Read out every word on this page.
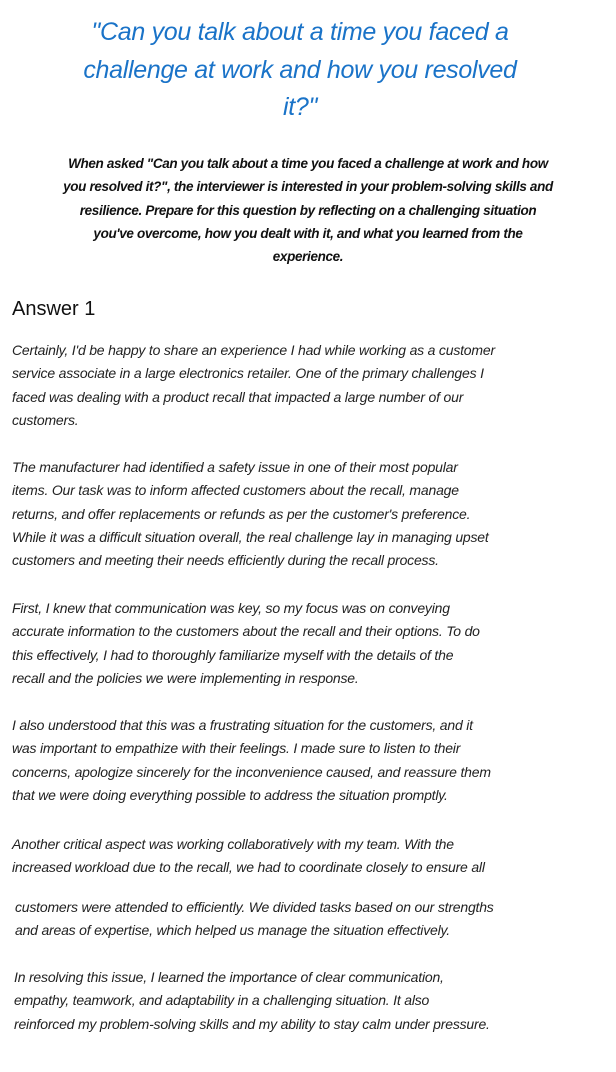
"Can you talk about a time you faced a
challenge at work and how you resolved
it?"
When asked "Can you talk about a time you faced a challenge at work and how
you resolved it?", the interviewer is interested in your problem-solving skills and
resilience. Prepare for this question by reflecting on a challenging situation
you've overcome, how you dealt with it, and what you learned from the
experience.
Answer 1
Certainly, I'd be happy to share an experience I had while working as a customer
service associate in a large electronics retailer. One of the primary challenges I
faced was dealing with a product recall that impacted a large number of our
customers.
The manufacturer had identified a safety issue in one of their most popular
items. Our task was to inform affected customers about the recall, manage
returns, and offer replacements or refunds as per the customer's preference.
While it was a difficult situation overall, the real challenge lay in managing upset
customers and meeting their needs efficiently during the recall process.
First, I knew that communication was key, so my focus was on conveying
accurate information to the customers about the recall and their options. To do
this effectively, I had to thoroughly familiarize myself with the details of the
recall and the policies we were implementing in response.
I also understood that this was a frustrating situation for the customers, and it
was important to empathize with their feelings. I made sure to listen to their
concerns, apologize sincerely for the inconvenience caused, and reassure them
that we were doing everything possible to address the situation promptly.
Another critical aspect was working collaboratively with my team. With the
increased workload due to the recall, we had to coordinate closely to ensure all
customers were attended to efficiently. We divided tasks based on our strengths
and areas of expertise, which helped us manage the situation effectively.
In resolving this issue, I learned the importance of clear communication,
empathy, teamwork, and adaptability in a challenging situation. It also
reinforced my problem-solving skills and my ability to stay calm under pressure.
